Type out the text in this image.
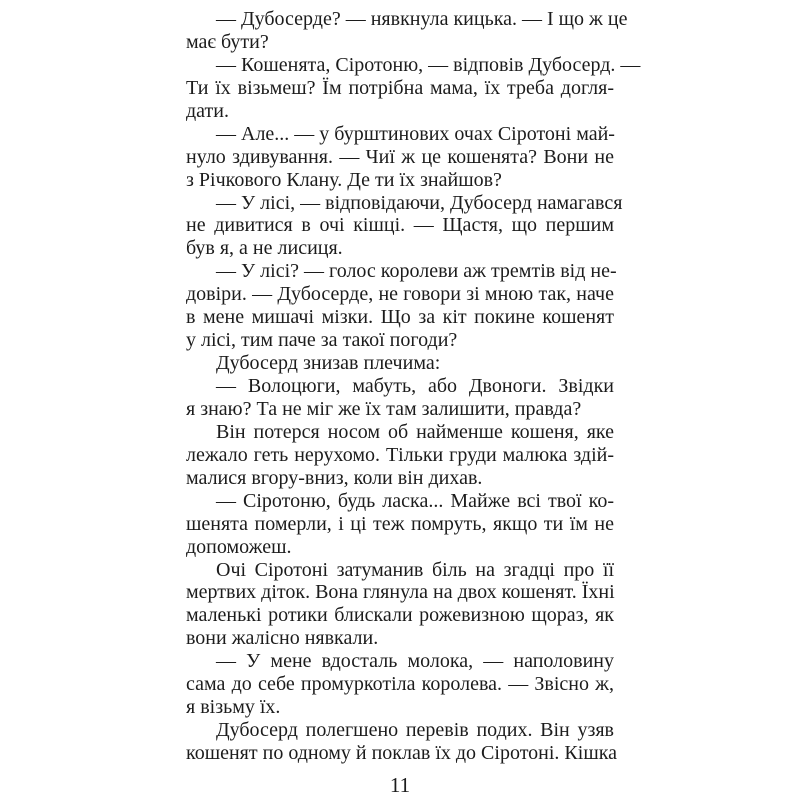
— Дубосерде? — нявкнула кицька. — І що ж це
має бути?
— Кошенята, Сіротоню, — відповів Дубосерд. —
Ти їх візьмеш? Їм потрібна мама, їх треба догля-
дати.
— Але... — у бурштинових очах Сіротоні май-
нуло здивування. — Чиї ж це кошенята? Вони не
з Річкового Клану. Де ти їх знайшов?
— У лісі, — відповідаючи, Дубосерд намагався
не дивитися в очі кішці. — Щастя, що першим
був я, а не лисиця.
— У лісі? — голос королеви аж тремтів від не-
довіри. — Дубосерде, не говори зі мною так, наче
в мене мишачі мізки. Що за кіт покине кошенят
у лісі, тим паче за такої погоди?
Дубосерд знизав плечима:
— Волоцюги, мабуть, або Двоноги. Звідки
я знаю? Та не міг же їх там залишити, правда?
Він потерся носом об найменше кошеня, яке
лежало геть нерухомо. Тільки груди малюка здій-
малися вгору-вниз, коли він дихав.
— Сіротоню, будь ласка... Майже всі твої ко-
шенята померли, і ці теж помруть, якщо ти їм не
допоможеш.
Очі Сіротоні затуманив біль на згадці про її
мертвих діток. Вона глянула на двох кошенят. Їхні
маленькі ротики блискали рожевизною щораз, як
вони жалісно нявкали.
— У мене вдосталь молока, — наполовину
сама до себе промуркотіла королева. — Звісно ж,
я візьму їх.
Дубосерд полегшено перевів подих. Він узяв
кошенят по одному й поклав їх до Сіротоні. Кішка
11
